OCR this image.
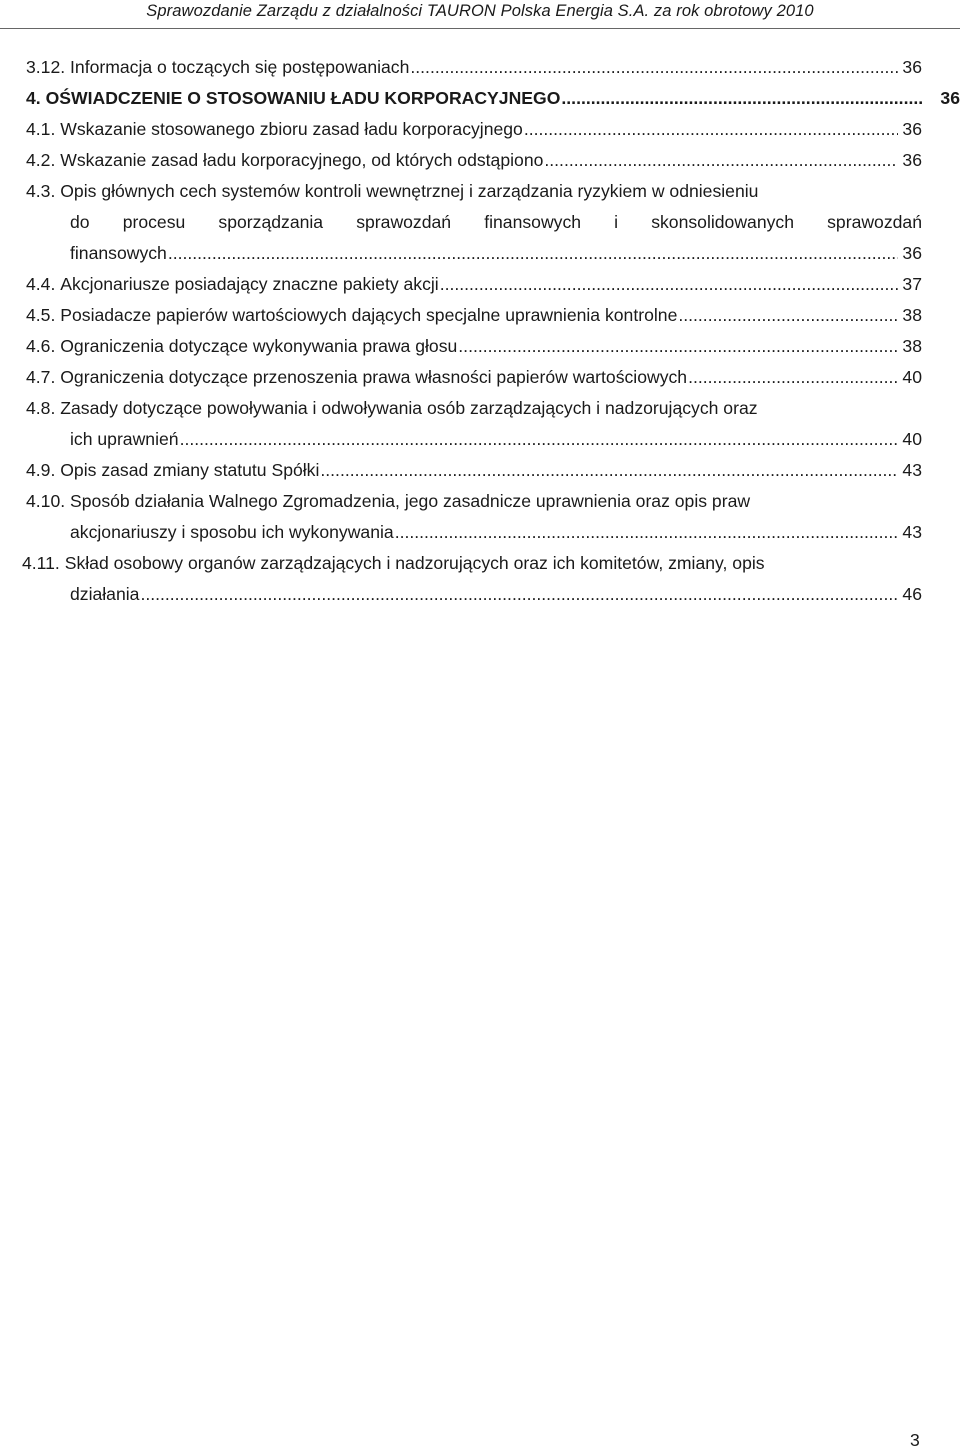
Sprawozdanie Zarządu z działalności TAURON Polska Energia S.A. za rok obrotowy 2010
3.12.
Informacja o toczących się postępowaniach .....	36
4.
OŚWIADCZENIE O STOSOWANIU ŁADU KORPORACYJNEGO .....	36
4.1.
Wskazanie stosowanego zbioru zasad ładu korporacyjnego .....	36
4.2.
Wskazanie zasad ładu korporacyjnego, od których odstąpiono .....	36
4.3.
Opis głównych cech systemów kontroli wewnętrznej i zarządzania ryzykiem w odniesieniu
do procesu sporządzania sprawozdań finansowych i skonsolidowanych sprawozdań
finansowych .....	36
4.4.
Akcjonariusze posiadający znaczne pakiety akcji .....	37
4.5.
Posiadacze papierów wartościowych dających specjalne uprawnienia kontrolne .....	38
4.6.
Ograniczenia dotyczące wykonywania prawa głosu .....	38
4.7.
Ograniczenia dotyczące przenoszenia prawa własności papierów wartościowych .....	40
4.8.
Zasady dotyczące powoływania i odwoływania osób zarządzających i nadzorujących oraz
ich uprawnień .....	40
4.9.
Opis zasad zmiany statutu Spółki .....	43
4.10.
Sposób działania Walnego Zgromadzenia, jego zasadnicze uprawnienia oraz opis praw
akcjonariuszy i sposobu ich wykonywania .....	43
4.11.
Skład osobowy organów zarządzających i nadzorujących oraz ich komitetów, zmiany, opis
działania .....	46
3
